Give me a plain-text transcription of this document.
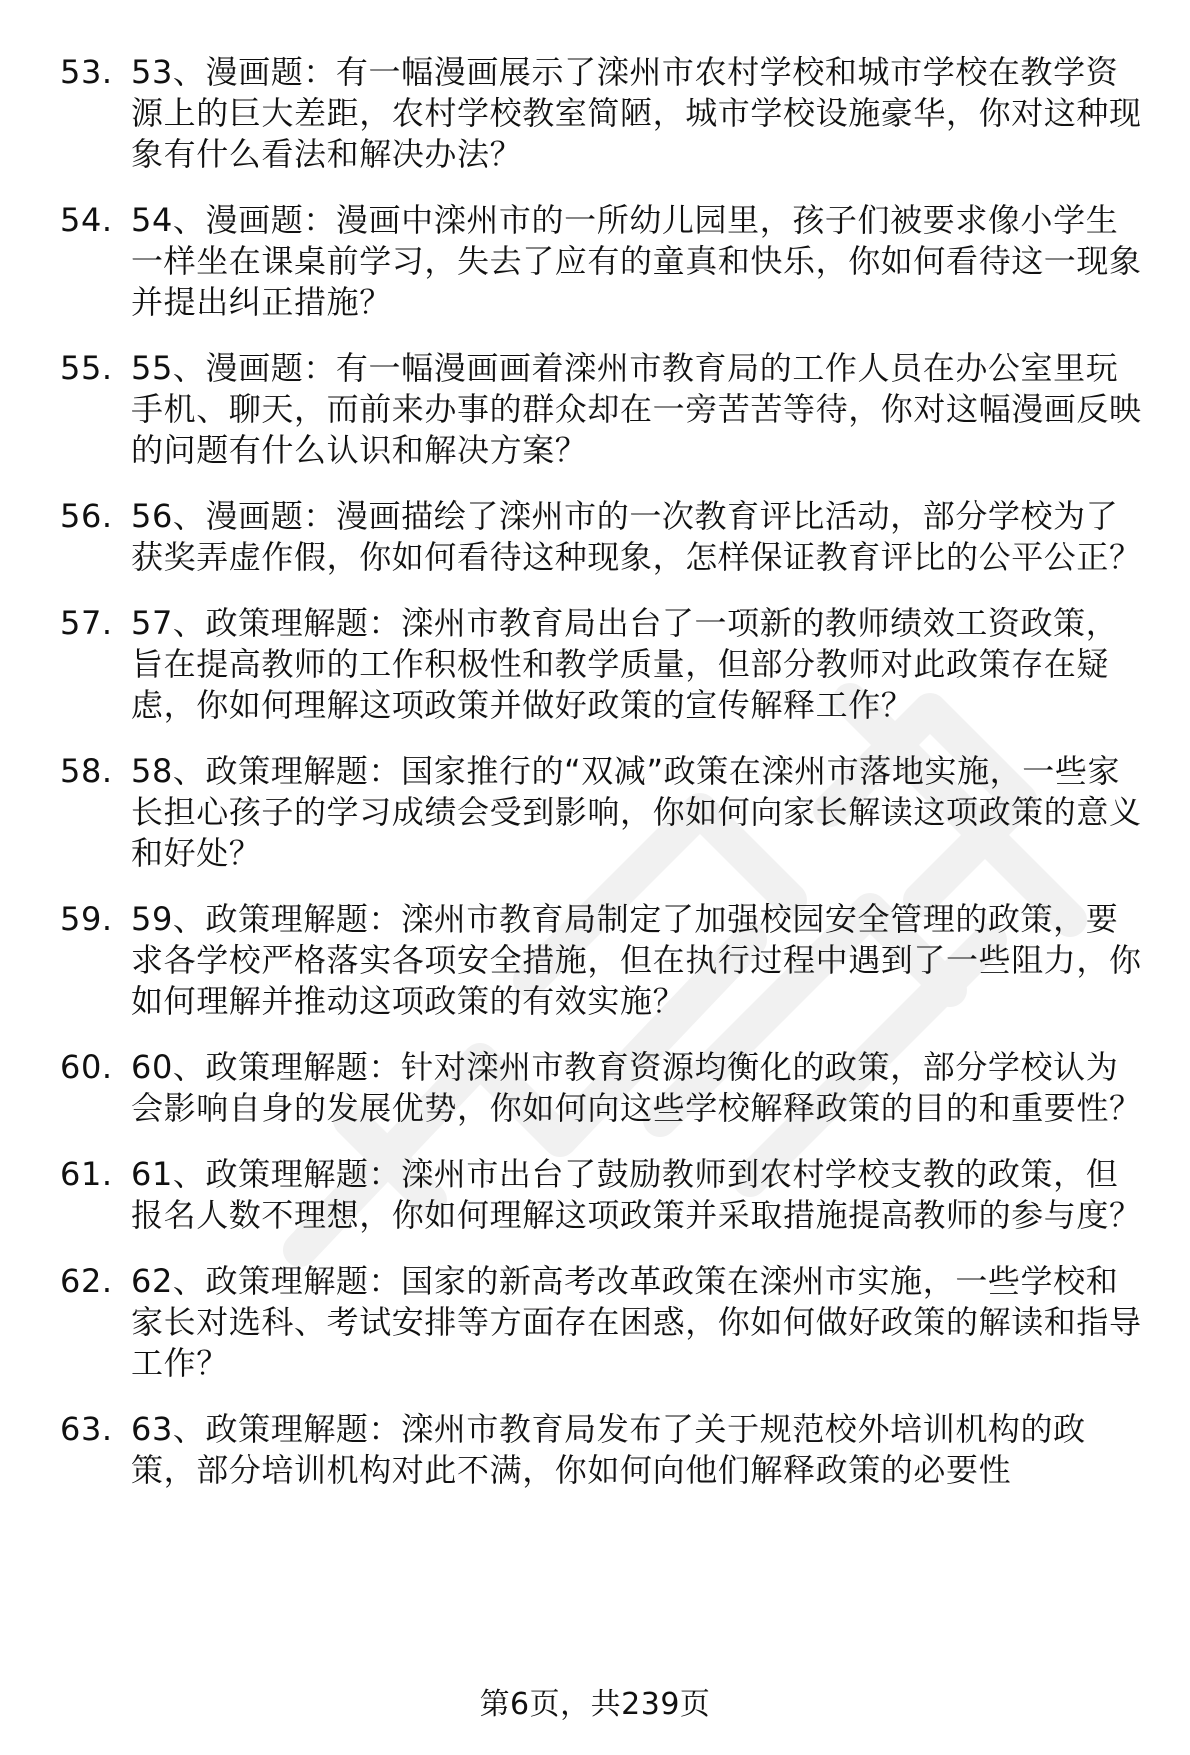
53. 53、漫画题：有一幅漫画展示了滦州市农村学校和城市学校在教学资源上的巨大差距，农村学校教室简陋，城市学校设施豪华，你对这种现象有什么看法和解决办法？
54. 54、漫画题：漫画中滦州市的一所幼儿园里，孩子们被要求像小学生一样坐在课桌前学习，失去了应有的童真和快乐，你如何看待这一现象并提出纠正措施？
55. 55、漫画题：有一幅漫画画着滦州市教育局的工作人员在办公室里玩手机、聊天，而前来办事的群众却在一旁苦苦等待，你对这幅漫画反映的问题有什么认识和解决方案？
56. 56、漫画题：漫画描绘了滦州市的一次教育评比活动，部分学校为了获奖弄虚作假，你如何看待这种现象，怎样保证教育评比的公平公正？
57. 57、政策理解题：滦州市教育局出台了一项新的教师绩效工资政策，旨在提高教师的工作积极性和教学质量，但部分教师对此政策存在疑虑，你如何理解这项政策并做好政策的宣传解释工作？
58. 58、政策理解题：国家推行的“双减”政策在滦州市落地实施，一些家长担心孩子的学习成绩会受到影响，你如何向家长解读这项政策的意义和好处？
59. 59、政策理解题：滦州市教育局制定了加强校园安全管理的政策，要求各学校严格落实各项安全措施，但在执行过程中遇到了一些阻力，你如何理解并推动这项政策的有效实施？
60. 60、政策理解题：针对滦州市教育资源均衡化的政策，部分学校认为会影响自身的发展优势，你如何向这些学校解释政策的目的和重要性？
61. 61、政策理解题：滦州市出台了鼓励教师到农村学校支教的政策，但报名人数不理想，你如何理解这项政策并采取措施提高教师的参与度？
62. 62、政策理解题：国家的新高考改革政策在滦州市实施，一些学校和家长对选科、考试安排等方面存在困惑，你如何做好政策的解读和指导工作？
63. 63、政策理解题：滦州市教育局发布了关于规范校外培训机构的政策，部分培训机构对此不满，你如何向他们解释政策的必要性
第6页，共239页
